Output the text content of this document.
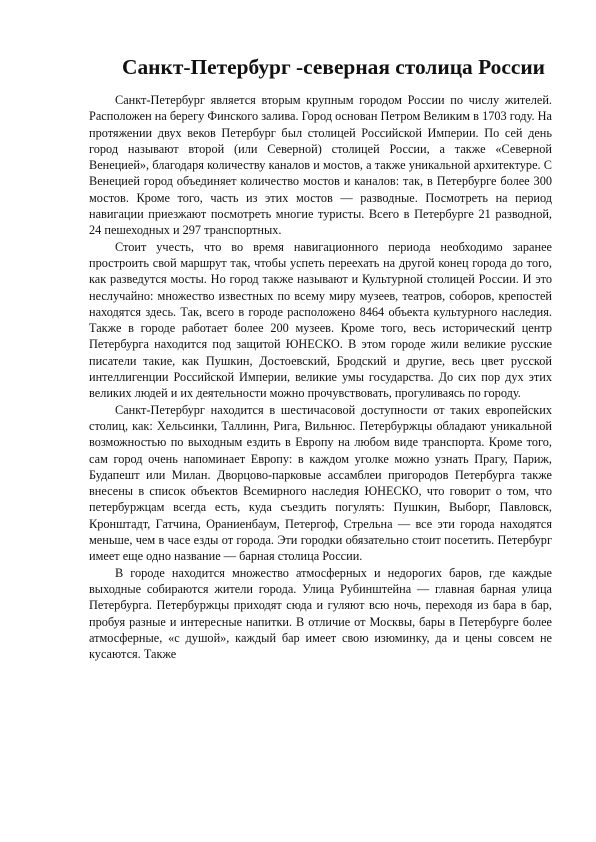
Санкт-Петербург -северная столица России

Санкт-Петербург является вторым крупным городом России по числу жителей. Расположен на берегу Финского залива. Город основан Петром Великим в 1703 году. На протяжении двух веков Петербург был столицей Российской Империи. По сей день город называют второй (или Северной) столицей России, а также «Северной Венецией», благодаря количеству каналов и мостов, а также уникальной архитектуре. С Венецией город объединяет количество мостов и каналов: так, в Петербурге более 300 мостов. Кроме того, часть из этих мостов — разводные. Посмотреть на период навигации приезжают посмотреть многие туристы. Всего в Петербурге 21 разводной, 24 пешеходных и 297 транспортных.

Стоит учесть, что во время навигационного периода необходимо заранее простроить свой маршрут так, чтобы успеть переехать на другой конец города до того, как разведутся мосты. Но город также называют и Культурной столицей России. И это неслучайно: множество известных по всему миру музеев, театров, соборов, крепостей находятся здесь. Так, всего в городе расположено 8464 объекта культурного наследия. Также в городе работает более 200 музеев. Кроме того, весь исторический центр Петербурга находится под защитой ЮНЕСКО. В этом городе жили великие русские писатели такие, как Пушкин, Достоевский, Бродский и другие, весь цвет русской интеллигенции Российской Империи, великие умы государства. До сих пор дух этих великих людей и их деятельности можно прочувствовать, прогуливаясь по городу.

Санкт-Петербург находится в шестичасовой доступности от таких европейских столиц, как: Хельсинки, Таллинн, Рига, Вильнюс. Петербуржцы обладают уникальной возможностью по выходным ездить в Европу на любом виде транспорта. Кроме того, сам город очень напоминает Европу: в каждом уголке можно узнать Прагу, Париж, Будапешт или Милан. Дворцово-парковые ассамблеи пригородов Петербурга также внесены в список объектов Всемирного наследия ЮНЕСКО, что говорит о том, что петербуржцам всегда есть, куда съездить погулять: Пушкин, Выборг, Павловск, Кронштадт, Гатчина, Ораниенбаум, Петергоф, Стрельна — все эти города находятся меньше, чем в часе езды от города. Эти городки обязательно стоит посетить. Петербург имеет еще одно название — барная столица России.

В городе находится множество атмосферных и недорогих баров, где каждые выходные собираются жители города. Улица Рубинштейна — главная барная улица Петербурга. Петербуржцы приходят сюда и гуляют всю ночь, переходя из бара в бар, пробуя разные и интересные напитки. В отличие от Москвы, бары в Петербурге более атмосферные, «с душой», каждый бар имеет свою изюминку, да и цены совсем не кусаются. Также
